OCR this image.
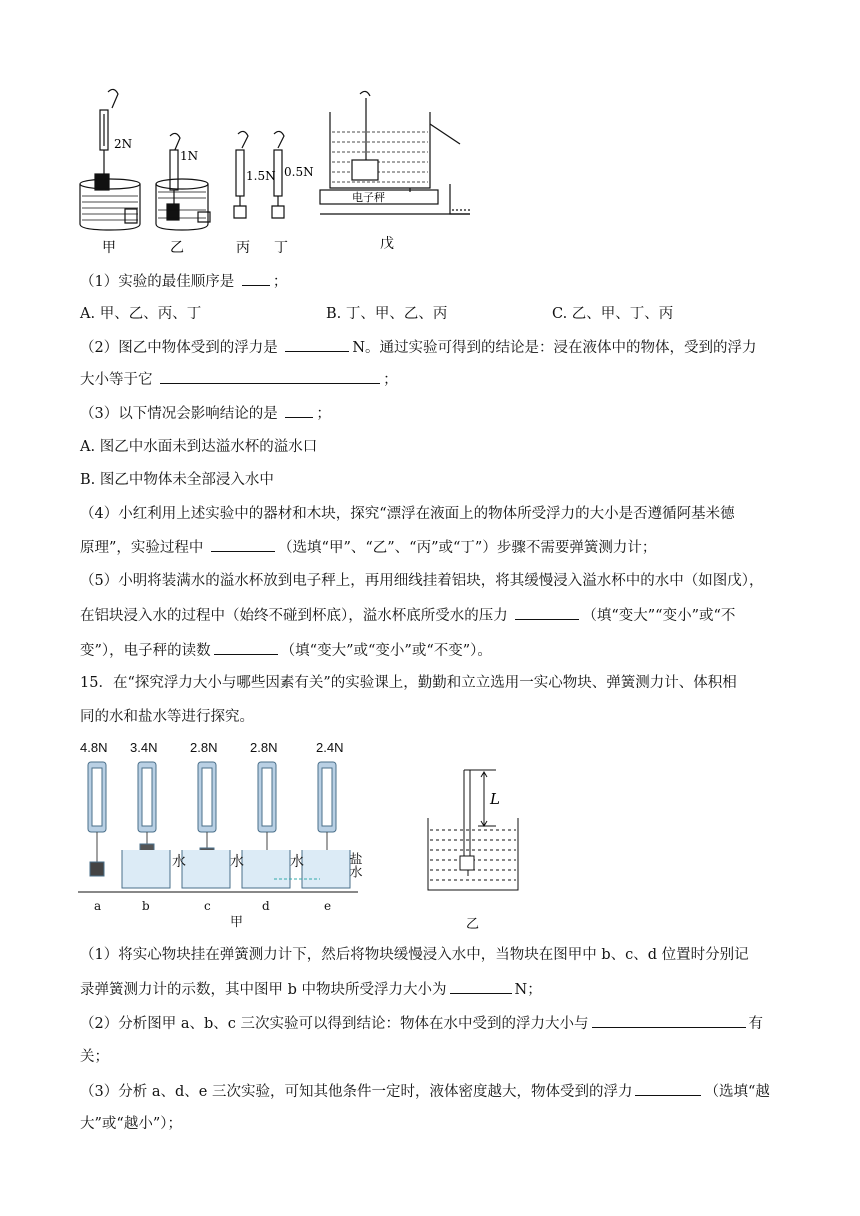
2N
1N
1.5N 0.5N
电子秤
甲	乙	丙 丁	戊
（1）实验的最佳顺序是 ；
A. 甲、乙、丙、丁	B. 丁、甲、乙、丙	C. 乙、甲、丁、丙
（2）图乙中物体受到的浮力是	N。通过实验可得到的结论是：浸在液体中的物体，受到的浮力
大小等于它	；
（3）以下情况会影响结论的是 ；
A. 图乙中水面未到达溢水杯的溢水口
B. 图乙中物体未全部浸入水中
（4）小红利用上述实验中的器材和木块，探究“漂浮在液面上的物体所受浮力的大小是否遵循阿基米德
原理”，实验过程中	（选填“甲”、“乙”、“丙”或“丁”）步骤不需要弹簧测力计；
（5）小明将装满水的溢水杯放到电子秤上，再用细线挂着铝块，将其缓慢浸入溢水杯中的水中（如图戊），
在铝块浸入水的过程中（始终不碰到杯底），溢水杯底所受水的压力	（填“变大”“变小”或“不
变”），电子秤的读数	（填“变大”或“变小”或“不变”）。
15．在“探究浮力大小与哪些因素有关”的实验课上，勤勤和立立选用一实心物块、弹簧测力计、体积相
同的水和盐水等进行探究。
4.8N 3.4N	2.8N	2.8N	2.4N
水	水	水	盐水
a	b	c	d	e
甲
L
乙
（1）将实心物块挂在弹簧测力计下，然后将物块缓慢浸入水中，当物块在图甲中 b、c、d 位置时分别记
录弹簧测力计的示数，其中图甲 b 中物块所受浮力大小为	N；
（2）分析图甲 a、b、c 三次实验可以得到结论：物体在水中受到的浮力大小与	有
关；
（3）分析 a、d、e 三次实验，可知其他条件一定时，液体密度越大，物体受到的浮力	（选填“越
大”或“越小”）；
